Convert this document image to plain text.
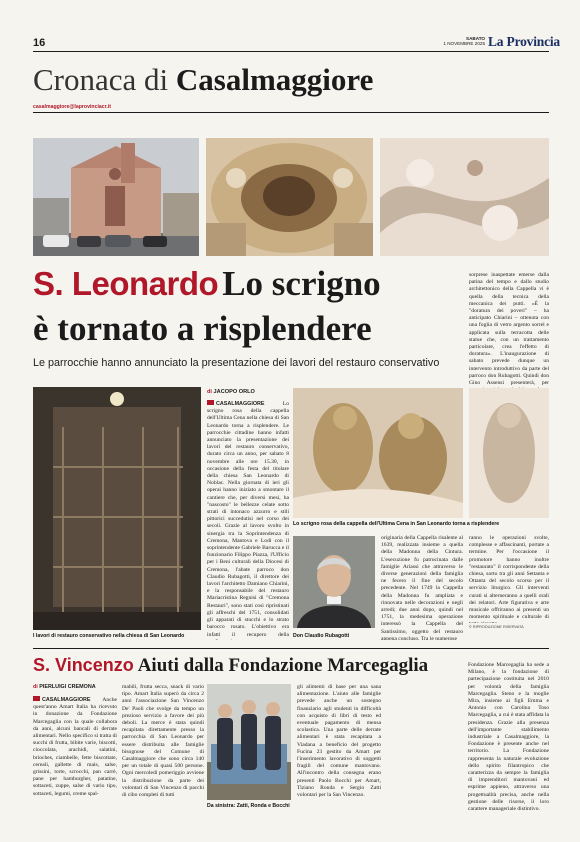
16	SABATO
1 NOVEMBRE 2025 La Provincia
Cronaca di Casalmaggiore
casalmaggiore@laprovinciacr.it
S. Leonardo Lo scrigno
è tornato a risplendere
Le parrocchie hanno annunciato la presentazione dei lavori del restauro conservativo
sorprese inaspettate emerse dalla patina del tempo e dallo studio architettonico della Cappella vi è quella della tecnica della meccanica dei putti. «È la "doratura dei poveri" – ha anticipato Chiarini – ottenuta con una foglia di vetro argento sorrel e applicata sulla terracotta delle statue che, con un trattamento particolare, crea l'effetto di doratura». L'inaugurazione di sabato prevede dunque un intervento introduttivo da parte del parroco don Rubagotti. Quindi don Gino Assensi presenterà, per
I lavori di restauro conservativo nella chiesa di San Leonardo
Lo scrigno rosa della cappella dell'Ultima Cena in San Leonardo torna a risplendere
Don Claudio Rubagotti
di JACOPO ORLO
CASALMAGGIORE	Lo scrigno rosa della cappella dell'Ultima Cena nella chiesa di San Leonardo torna a risplendere. Le parrocchie cittadine hanno infatti annunciato la presentazione dei lavori del restauro conservativo, durato circa un anno, per sabato 8 novembre alle ore 15.30, in occasione della festa del titolare della chiesa San Leonardo di Noblac. Nella giornata di ieri gli operai hanno iniziato a smontare il cantiere che, per diversi mesi, ha "nascosto" le bellezze celate sotto strati di intonaco azzurro e stili pittorici succedutisi nel corso dei secoli. Grazie al lavoro svolto in sinergia tra la Soprintendenza di Cremona, Mantova e Lodi con il soprintendente Gabriele Barucca e il funzionario Filippo Piazza, l'Ufficio per i Beni culturali della Diocesi di Cremona, l'abate parroco don Claudio Rubagotti, il direttore dei lavori l'architetto Damiano Chiarini, e la responsabile del restauro Mariacristina Regnisi di "Cremona Restauri", sono stati così ripristinati gli affreschi del 1751, consolidati gli apparati di stucchi e lo strato barocco rosato. L'obiettivo era infatti il recupero della
originaria della Cappella risalente al 1639, realizzata insieme a quella della Madonna della Cintura. L'esecuzione fu patrocinata dalle famiglie Ariassi che attraverso le diverse generazioni della famiglia ne fecero il fine del secolo precedente. Nel 1749 la Cappella della Madonna fu ampliata e rinnovata nelle decorazioni e negli arredi; due anni dopo, quindi nel 1751, la medesima operazione interessò la Cappella del Santissimo, oggetto del restauro appena concluso. Tra le numerose
ranno le operazioni svolte, complesse e affascinanti, portate a termine. Per l'occasione il promotore hanno inoltre "restaurato" il corrispondente della chiesa, sorto tra gli anni Settanta e Ottanta del secolo scorso per il servizio liturgico. Gli interventi curati si alterneranno a quelli orali dei relatori. Arte figurativa e arte musicale offriranno ai presenti un momento spirituale e culturale di
© RIPRODUZIONE RISERVATA
S. Vincenzo Aiuti dalla Fondazione Marcegaglia
di PIERLUIGI CREMONA
CASALMAGGIORE Anche quest'anno Amart Italia ha ricevuto in donazione da Fondazione Marcegaglia con la quale collabora da anni, alcuni bancali di derrate alimentari. Nello specifico si tratta di succhi di frutta, bibite varie, biscotti, cioccolata, arachidi, salatini, brioches, ciambelle, fette biscottate, cereali, gallette di mais, salse, grissini, torte, scrocchi, pan carrè, pane per hamburgher, patatine, sottaceti, zuppe, salse di vario tipo, sottaceti, legumi, creme spal-
mabili, frutta secca, snack di vario tipo. Amart Italia superò da circa 2 anni l'associazione San Vincenzo De' Paoli che svolge da tempo un prezioso servizio a favore dei più deboli. La merce è stata quindi recapitata direttamente presso la parrocchia di San Leonardo per essere distribuita alle famiglie bisognose del Comune di Casalmaggiore che sono circa 140 per un totale di quasi 500 persone. Ogni mercoledì pomeriggio avviene la distribuzione da parte dei volontari di San Vincenzo di pacchi di cibo completi di tutti
Da sinistra: Zatti, Ronda e Bocchi
gli alimenti di base per una sana alimentazione. L'aiuto alle famiglie prevede anche un sostegno finanziario agli studenti in difficoltà con acquisto di libri di testo ed eventuale pagamento di mensa scolastica. Una parte delle derrate alimentari è stata recapitata a Viadana a beneficio del progetto Fucina 23 gestito da Amart per l'inserimento lavorativo di soggetti fragili del comune mantovano. All'incontro della consegna erano presenti Paolo Bocchi per Amart, Tiziano Ronda e Sergio Zatti volontari per la San Vincenzo.
Fondazione Marcegaglia ha sede a Milano, è la fondazione di partecipazione costituita nel 2010 per volontà della famiglia Marcegaglia. Steno e la moglie Mira, insieme ai figli Emma e Antonio con Carolina Toso Marcegaglia, a cui è stata affidata la presidenza. Grazie alla presenza dell'importante stabilimento industriale a Casalmaggiore, la Fondazione è presente anche nel territorio. La Fondazione rappresenta la naturale evoluzione dello spirito filantropico che caratterizza da sempre la famiglia di imprenditori mantovani ed esprime appieno, attraverso una progettualità precisa, anche nella gestione delle risorse, il loro carattere manageriale distintivo.
